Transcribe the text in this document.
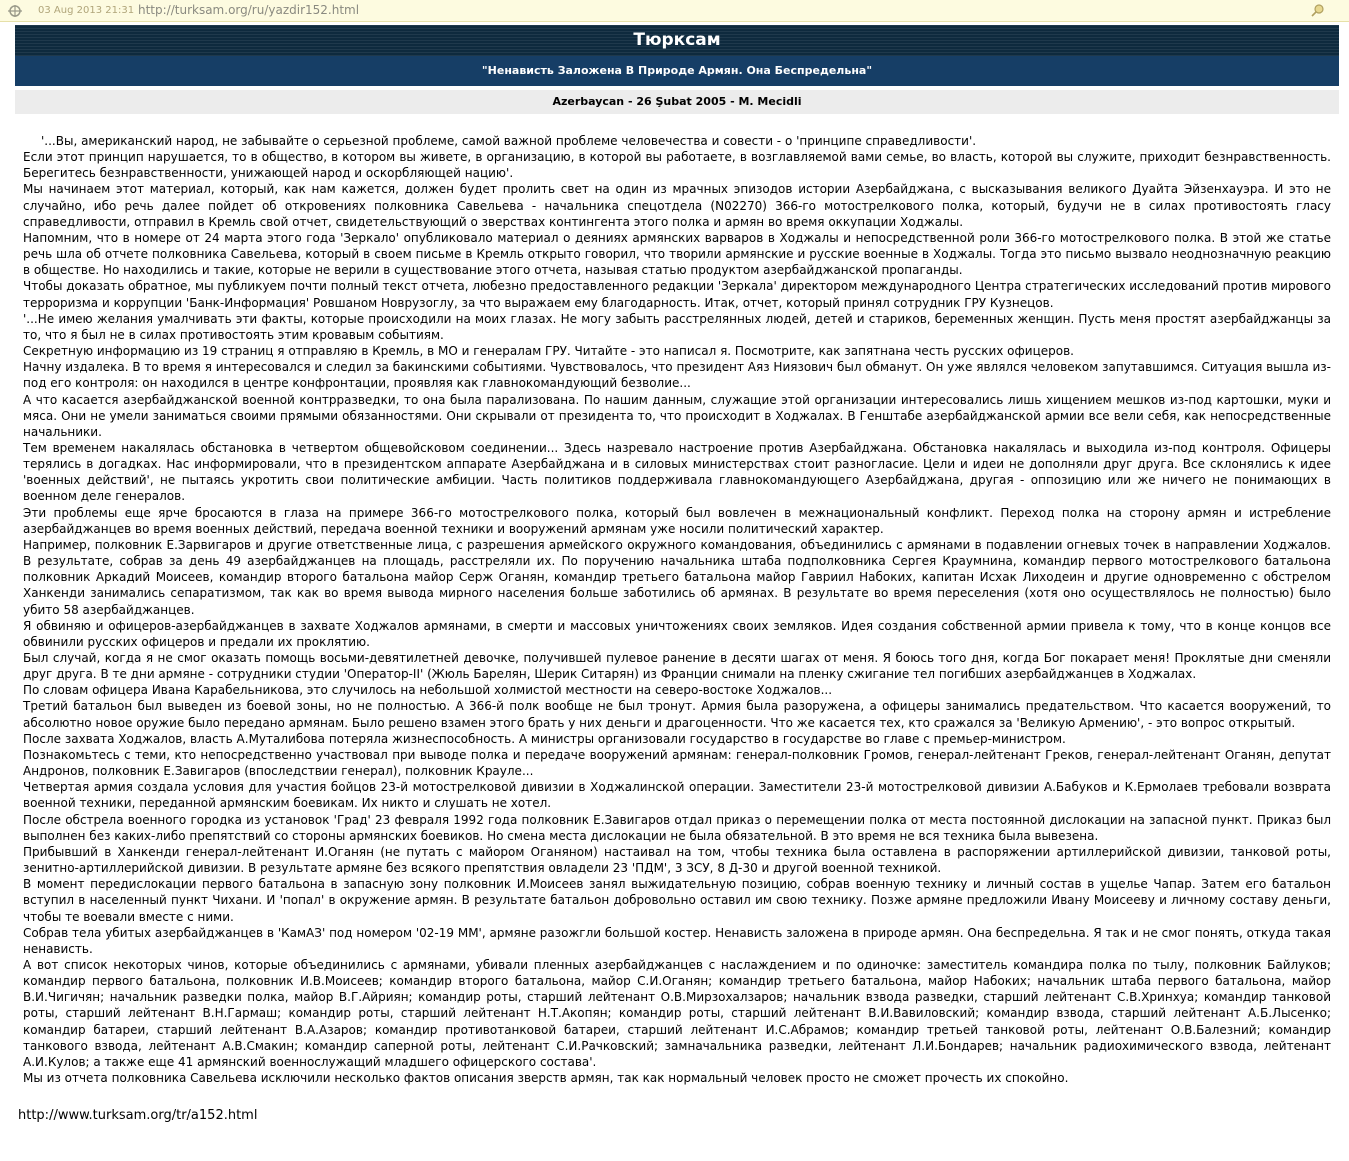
03 Aug 2013 21:31 http://turksam.org/ru/yazdir152.html
Тюрксам
"Ненависть Заложена В Природе Армян. Она Беспредельна"
Azerbaycan - 26 Şubat 2005 - M. Mecidli

'...Вы, американский народ, не забывайте о серьезной проблеме, самой важной проблеме человечества и совести - о 'принципе справедливости'.

Если этот принцип нарушается, то в общество, в котором вы живете, в организацию, в которой вы работаете, в возглавляемой вами семье, во власть, которой вы служите, приходит безнравственность. Берегитесь безнравственности, унижающей народ и оскорбляющей нацию'.

Мы начинаем этот материал, который, как нам кажется, должен будет пролить свет на один из мрачных эпизодов истории Азербайджана, с высказывания великого Дуайта Эйзенхауэра. И это не случайно, ибо речь далее пойдет об откровениях полковника Савельева - начальника спецотдела (N02270) 366-го мотострелкового полка, который, будучи не в силах противостоять гласу справедливости, отправил в Кремль свой отчет, свидетельствующий о зверствах контингента этого полка и армян во время оккупации Ходжалы.

Напомним, что в номере от 24 марта этого года 'Зеркало' опубликовало материал о деяниях армянских варваров в Ходжалы и непосредственной роли 366-го мотострелкового полка. В этой же статье речь шла об отчете полковника Савельева, который в своем письме в Кремль открыто говорил, что творили армянские и русские военные в Ходжалы. Тогда это письмо вызвало неоднозначную реакцию в обществе. Но находились и такие, которые не верили в существование этого отчета, называя статью продуктом азербайджанской пропаганды.

Чтобы доказать обратное, мы публикуем почти полный текст отчета, любезно предоставленного редакции 'Зеркала' директором международного Центра стратегических исследований против мирового терроризма и коррупции 'Банк-Информация' Ровшаном Новрузоглу, за что выражаем ему благодарность. Итак, отчет, который принял сотрудник ГРУ Кузнецов.

'...Не имею желания умалчивать эти факты, которые происходили на моих глазах. Не могу забыть расстрелянных людей, детей и стариков, беременных женщин. Пусть меня простят азербайджанцы за то, что я был не в силах противостоять этим кровавым событиям.

Секретную информацию из 19 страниц я отправляю в Кремль, в МО и генералам ГРУ. Читайте - это написал я. Посмотрите, как запятнана честь русских офицеров.

Начну издалека. В то время я интересовался и следил за бакинскими событиями. Чувствовалось, что президент Аяз Ниязович был обманут. Он уже являлся человеком запутавшимся. Ситуация вышла из-под его контроля: он находился в центре конфронтации, проявляя как главнокомандующий безволие...

А что касается азербайджанской военной контрразведки, то она была парализована. По нашим данным, служащие этой организации интересовались лишь хищением мешков из-под картошки, муки и мяса. Они не умели заниматься своими прямыми обязанностями. Они скрывали от президента то, что происходит в Ходжалах. В Генштабе азербайджанской армии все вели себя, как непосредственные начальники.

Тем временем накалялась обстановка в четвертом общевойсковом соединении... Здесь назревало настроение против Азербайджана. Обстановка накалялась и выходила из-под контроля. Офицеры терялись в догадках. Нас информировали, что в президентском аппарате Азербайджана и в силовых министерствах стоит разногласие. Цели и идеи не дополняли друг друга. Все склонялись к идее 'военных действий', не пытаясь укротить свои политические амбиции. Часть политиков поддерживала главнокомандующего Азербайджана, другая - оппозицию или же ничего не понимающих в военном деле генералов.

Эти проблемы еще ярче бросаются в глаза на примере 366-го мотострелкового полка, который был вовлечен в межнациональный конфликт. Переход полка на сторону армян и истребление азербайджанцев во время военных действий, передача военной техники и вооружений армянам уже носили политический характер.

Например, полковник Е.Зарвигаров и другие ответственные лица, с разрешения армейского окружного командования, объединились с армянами в подавлении огневых точек в направлении Ходжалов. В результате, собрав за день 49 азербайджанцев на площадь, расстреляли их. По поручению начальника штаба подполковника Сергея Краумнина, командир первого мотострелкового батальона полковник Аркадий Моисеев, командир второго батальона майор Серж Оганян, командир третьего батальона майор Гавриил Набоких, капитан Исхак Лиходеин и другие одновременно с обстрелом Ханкенди занимались сепаратизмом, так как во время вывода мирного населения больше заботились об армянах. В результате во время переселения (хотя оно осуществлялось не полностью) было убито 58 азербайджанцев.

Я обвиняю и офицеров-азербайджанцев в захвате Ходжалов армянами, в смерти и массовых уничтожениях своих земляков. Идея создания собственной армии привела к тому, что в конце концов все обвинили русских офицеров и предали их проклятию.

Был случай, когда я не смог оказать помощь восьми-девятилетней девочке, получившей пулевое ранение в десяти шагах от меня. Я боюсь того дня, когда Бог покарает меня! Проклятые дни сменяли друг друга. В те дни армяне - сотрудники студии 'Оператор-II' (Жюль Барелян, Шерик Ситарян) из Франции снимали на пленку сжигание тел погибших азербайджанцев в Ходжалах.

По словам офицера Ивана Карабельникова, это случилось на небольшой холмистой местности на северо-востоке Ходжалов...

Третий батальон был выведен из боевой зоны, но не полностью. А 366-й полк вообще не был тронут. Армия была разоружена, а офицеры занимались предательством. Что касается вооружений, то абсолютно новое оружие было передано армянам. Было решено взамен этого брать у них деньги и драгоценности. Что же касается тех, кто сражался за 'Великую Армению', - это вопрос открытый.

После захвата Ходжалов, власть А.Муталибова потеряла жизнеспособность. А министры организовали государство в государстве во главе с премьер-министром.

Познакомьтесь с теми, кто непосредственно участвовал при выводе полка и передаче вооружений армянам: генерал-полковник Громов, генерал-лейтенант Греков, генерал-лейтенант Оганян, депутат Андронов, полковник Е.Завигаров (впоследствии генерал), полковник Крауле...

Четвертая армия создала условия для участия бойцов 23-й мотострелковой дивизии в Ходжалинской операции. Заместители 23-й мотострелковой дивизии А.Бабуков и К.Ермолаев требовали возврата военной техники, переданной армянским боевикам. Их никто и слушать не хотел.

После обстрела военного городка из установок 'Град' 23 февраля 1992 года полковник Е.Завигаров отдал приказ о перемещении полка от места постоянной дислокации на запасной пункт. Приказ был выполнен без каких-либо препятствий со стороны армянских боевиков. Но смена места дислокации не была обязательной. В это время не вся техника была вывезена.

Прибывший в Ханкенди генерал-лейтенант И.Оганян (не путать с майором Оганяном) настаивал на том, чтобы техника была оставлена в распоряжении артиллерийской дивизии, танковой роты, зенитно-артиллерийской дивизии. В результате армяне без всякого препятствия овладели 23 'ПДМ', 3 ЗСУ, 8 Д-30 и другой военной техникой.

В момент передислокации первого батальона в запасную зону полковник И.Моисеев занял выжидательную позицию, собрав военную технику и личный состав в ущелье Чапар. Затем его батальон вступил в населенный пункт Чихани. И 'попал' в окружение армян. В результате батальон добровольно оставил им свою технику. Позже армяне предложили Ивану Моисееву и личному составу деньги, чтобы те воевали вместе с ними.

Собрав тела убитых азербайджанцев в 'КамАЗ' под номером '02-19 ММ', армяне разожгли большой костер. Ненависть заложена в природе армян. Она беспредельна. Я так и не смог понять, откуда такая ненависть.

А вот список некоторых чинов, которые объединились с армянами, убивали пленных азербайджанцев с наслаждением и по одиночке: заместитель командира полка по тылу, полковник Байлуков; командир первого батальона, полковник И.В.Моисеев; командир второго батальона, майор С.И.Оганян; командир третьего батальона, майор Набоких; начальник штаба первого батальона, майор В.И.Чигичян; начальник разведки полка, майор В.Г.Айриян; командир роты, старший лейтенант О.В.Мирзохалзаров; начальник взвода разведки, старший лейтенант С.В.Хринхуа; командир танковой роты, старший лейтенант В.Н.Гармаш; командир роты, старший лейтенант Н.Т.Акопян; командир роты, старший лейтенант В.И.Вавиловский; командир взвода, старший лейтенант А.Б.Лысенко; командир батареи, старший лейтенант В.А.Азаров; командир противотанковой батареи, старший лейтенант И.С.Абрамов; командир третьей танковой роты, лейтенант О.В.Балезний; командир танкового взвода, лейтенант А.В.Смакин; командир саперной роты, лейтенант С.И.Рачковский; замначальника разведки, лейтенант Л.И.Бондарев; начальник радиохимического взвода, лейтенант А.И.Кулов; а также еще 41 армянский военнослужащий младшего офицерского состава'.

Мы из отчета полковника Савельева исключили несколько фактов описания зверств армян, так как нормальный человек просто не сможет прочесть их спокойно.

http://www.turksam.org/tr/a152.html
